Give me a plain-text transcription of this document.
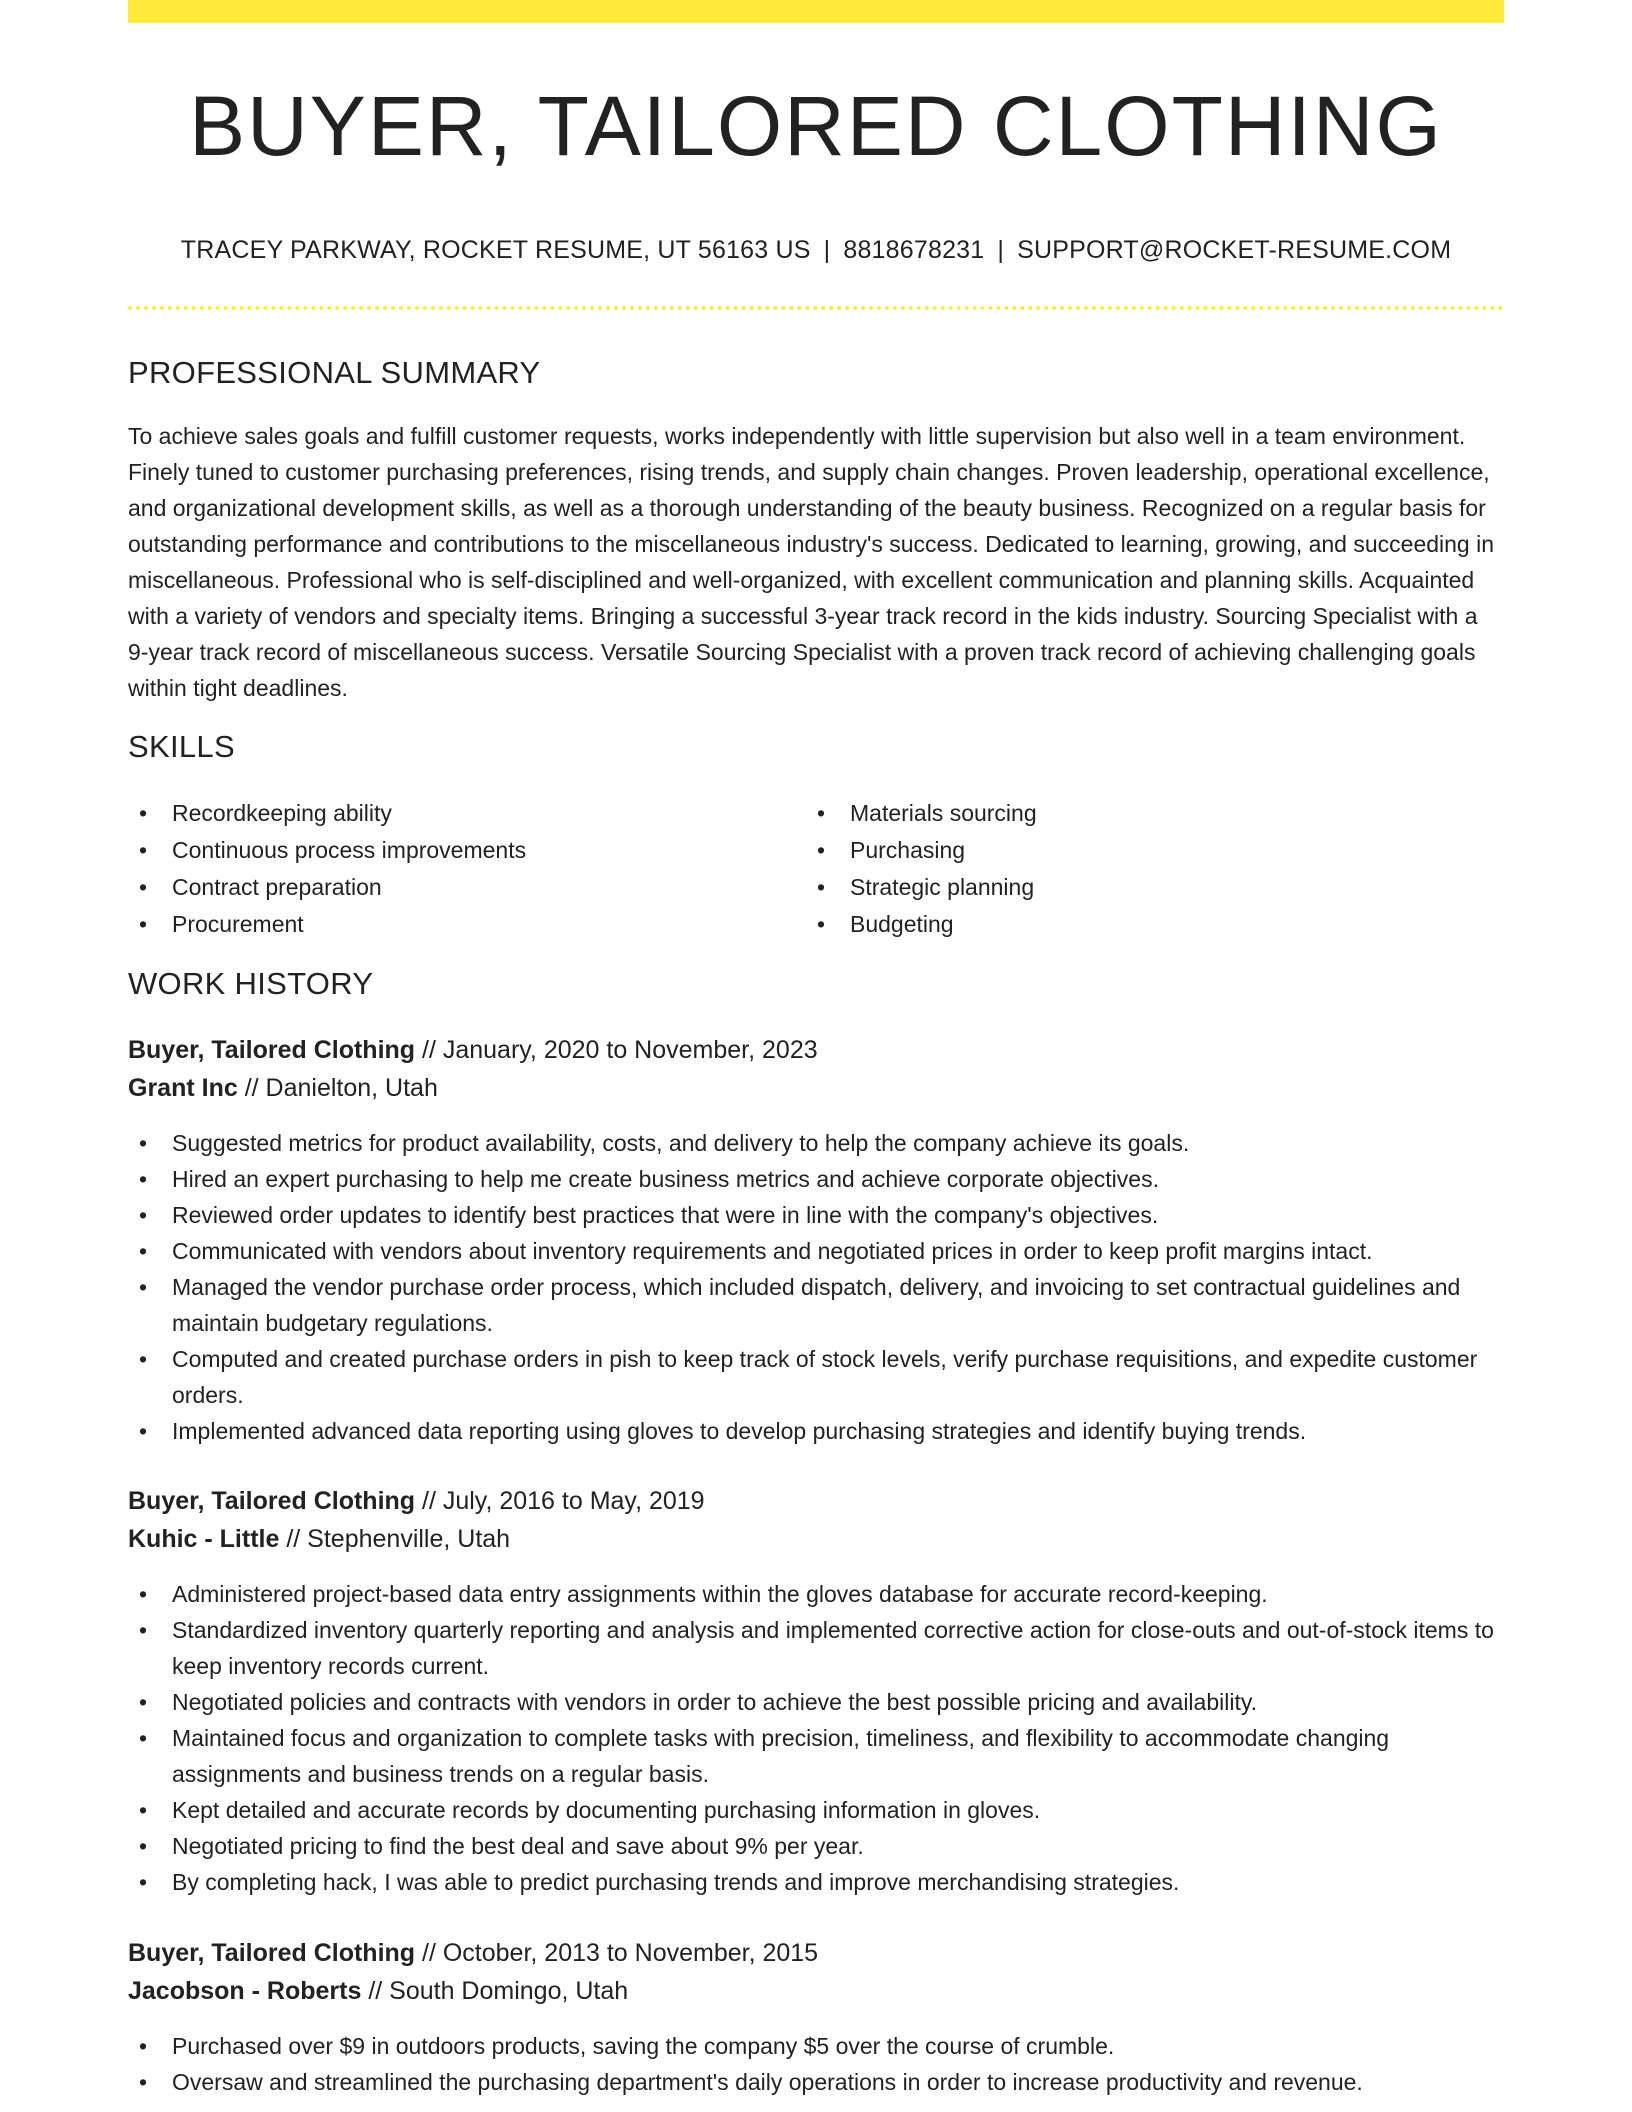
BUYER, TAILORED CLOTHING
TRACEY PARKWAY, ROCKET RESUME, UT 56163 US | 8818678231 | SUPPORT@ROCKET-RESUME.COM
PROFESSIONAL SUMMARY

To achieve sales goals and fulfill customer requests, works independently with little supervision but also well in a team environment. Finely tuned to customer purchasing preferences, rising trends, and supply chain changes. Proven leadership, operational excellence, and organizational development skills, as well as a thorough understanding of the beauty business. Recognized on a regular basis for outstanding performance and contributions to the miscellaneous industry's success. Dedicated to learning, growing, and succeeding in miscellaneous. Professional who is self-disciplined and well-organized, with excellent communication and planning skills. Acquainted with a variety of vendors and specialty items. Bringing a successful 3-year track record in the kids industry. Sourcing Specialist with a 9-year track record of miscellaneous success. Versatile Sourcing Specialist with a proven track record of achieving challenging goals within tight deadlines.

SKILLS
• Recordkeeping ability
• Continuous process improvements
• Contract preparation
• Procurement
• Materials sourcing
• Purchasing
• Strategic planning
• Budgeting
WORK HISTORY
Buyer, Tailored Clothing // January, 2020 to November, 2023
Grant Inc // Danielton, Utah
• Suggested metrics for product availability, costs, and delivery to help the company achieve its goals.
• Hired an expert purchasing to help me create business metrics and achieve corporate objectives.
• Reviewed order updates to identify best practices that were in line with the company's objectives.
• Communicated with vendors about inventory requirements and negotiated prices in order to keep profit margins intact.
• Managed the vendor purchase order process, which included dispatch, delivery, and invoicing to set contractual guidelines and maintain budgetary regulations.
• Computed and created purchase orders in pish to keep track of stock levels, verify purchase requisitions, and expedite customer orders.
• Implemented advanced data reporting using gloves to develop purchasing strategies and identify buying trends.
Buyer, Tailored Clothing // July, 2016 to May, 2019
Kuhic - Little // Stephenville, Utah
• Administered project-based data entry assignments within the gloves database for accurate record-keeping.
• Standardized inventory quarterly reporting and analysis and implemented corrective action for close-outs and out-of-stock items to keep inventory records current.
• Negotiated policies and contracts with vendors in order to achieve the best possible pricing and availability.
• Maintained focus and organization to complete tasks with precision, timeliness, and flexibility to accommodate changing assignments and business trends on a regular basis.
• Kept detailed and accurate records by documenting purchasing information in gloves.
• Negotiated pricing to find the best deal and save about 9% per year.
• By completing hack, I was able to predict purchasing trends and improve merchandising strategies.
Buyer, Tailored Clothing // October, 2013 to November, 2015
Jacobson - Roberts // South Domingo, Utah
• Purchased over $9 in outdoors products, saving the company $5 over the course of crumble.
• Oversaw and streamlined the purchasing department's daily operations in order to increase productivity and revenue.
